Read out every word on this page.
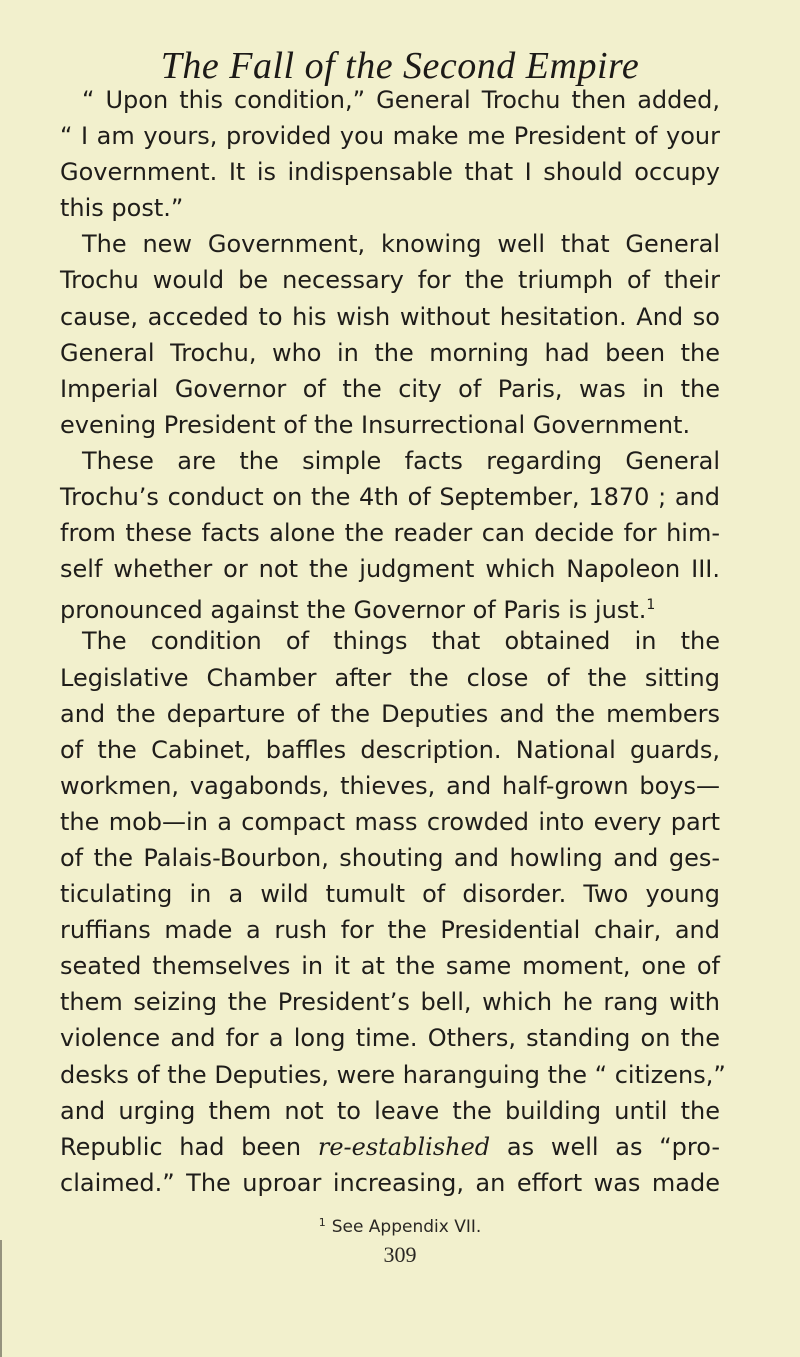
The Fall of the Second Empire
“ Upon this condition,” General Trochu then added,
“ I am yours, provided you make me President of your
Government. It is indispensable that I should occupy
this post.”
The new Government, knowing well that General
Trochu would be necessary for the triumph of their
cause, acceded to his wish without hesitation. And so
General Trochu, who in the morning had been the
Imperial Governor of the city of Paris, was in the
evening President of the Insurrectional Government.
These are the simple facts regarding General
Trochu’s conduct on the 4th of September, 1870 ; and
from these facts alone the reader can decide for him-
self whether or not the judgment which Napoleon III.
pronounced against the Governor of Paris is just.$^1$
The condition of things that obtained in the
Legislative Chamber after the close of the sitting
and the departure of the Deputies and the members
of the Cabinet, baffles description. National guards,
workmen, vagabonds, thieves, and half-grown boys—
the mob—in a compact mass crowded into every part
of the Palais-Bourbon, shouting and howling and ges-
ticulating in a wild tumult of disorder. Two young
ruffians made a rush for the Presidential chair, and
seated themselves in it at the same moment, one of
them seizing the President’s bell, which he rang with
violence and for a long time. Others, standing on the
desks of the Deputies, were haranguing the “ citizens,”
and urging them not to leave the building until the
Republic had been re-established as well as “pro-
claimed.” The uproar increasing, an effort was made
$^1$ See Appendix VII.
309
